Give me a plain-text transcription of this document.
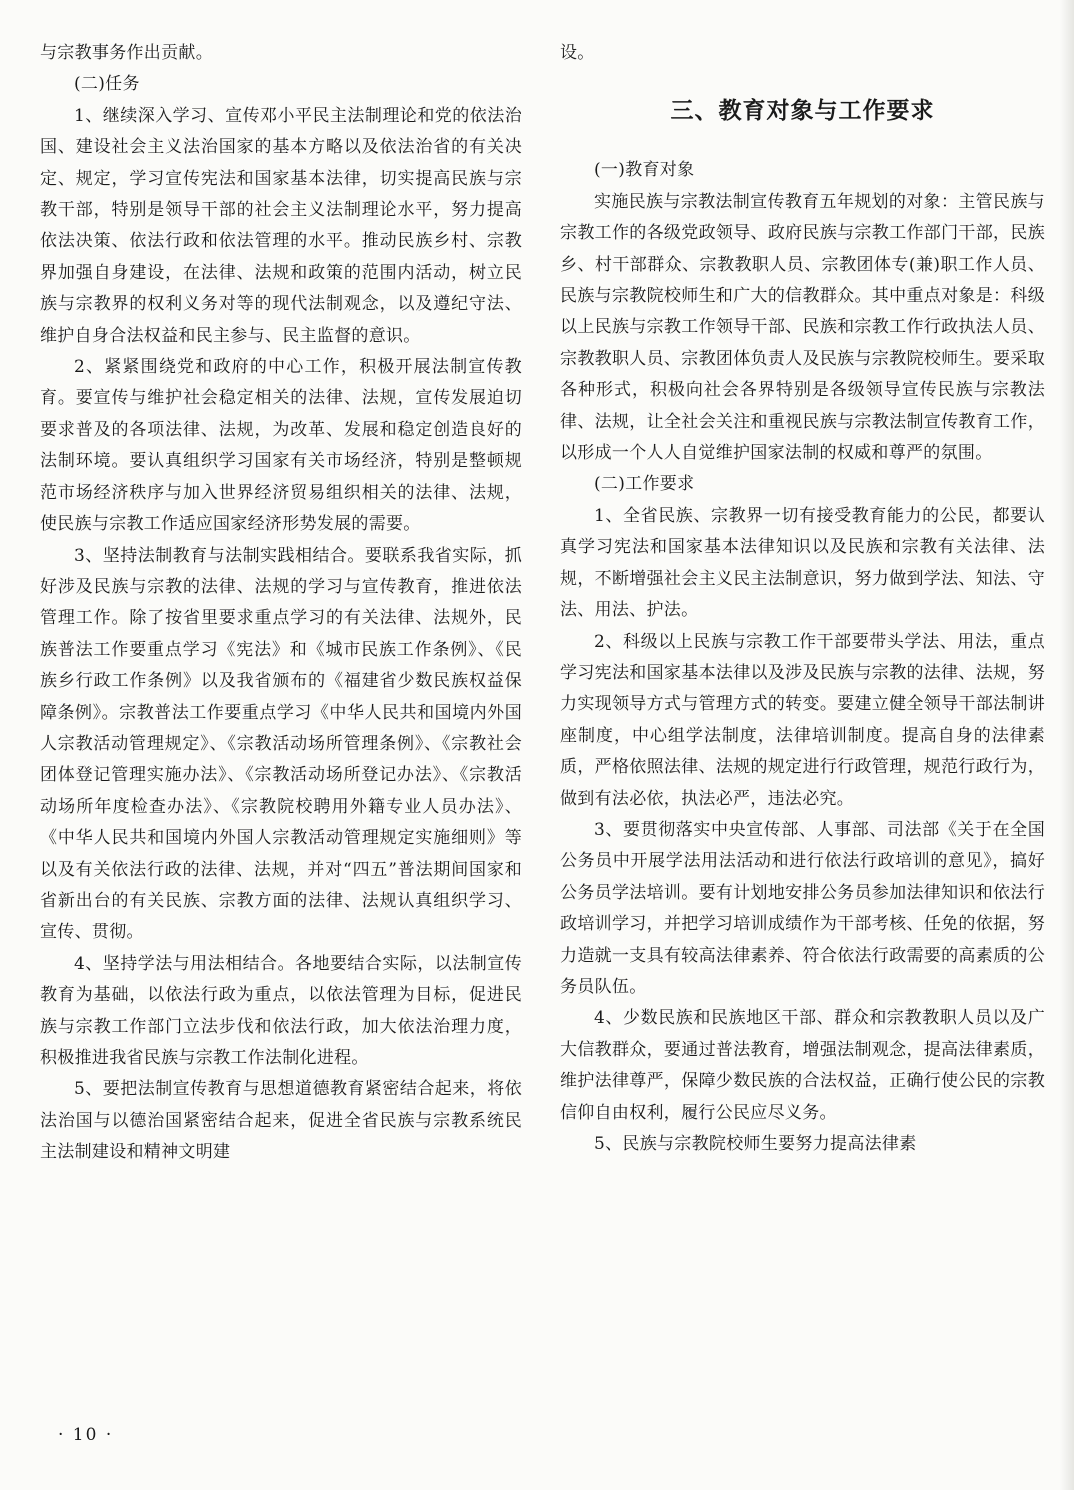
与宗教事务作出贡献。

(二)任务

1、继续深入学习、宣传邓小平民主法制理论和党的依法治国、建设社会主义法治国家的基本方略以及依法治省的有关决定、规定，学习宣传宪法和国家基本法律，切实提高民族与宗教干部，特别是领导干部的社会主义法制理论水平，努力提高依法决策、依法行政和依法管理的水平。推动民族乡村、宗教界加强自身建设，在法律、法规和政策的范围内活动，树立民族与宗教界的权利义务对等的现代法制观念，以及遵纪守法、维护自身合法权益和民主参与、民主监督的意识。

2、紧紧围绕党和政府的中心工作，积极开展法制宣传教育。要宣传与维护社会稳定相关的法律、法规，宣传发展迫切要求普及的各项法律、法规，为改革、发展和稳定创造良好的法制环境。要认真组织学习国家有关市场经济，特别是整顿规范市场经济秩序与加入世界经济贸易组织相关的法律、法规，使民族与宗教工作适应国家经济形势发展的需要。

3、坚持法制教育与法制实践相结合。要联系我省实际，抓好涉及民族与宗教的法律、法规的学习与宣传教育，推进依法管理工作。除了按省里要求重点学习的有关法律、法规外，民族普法工作要重点学习《宪法》和《城市民族工作条例》、《民族乡行政工作条例》以及我省颁布的《福建省少数民族权益保障条例》。宗教普法工作要重点学习《中华人民共和国境内外国人宗教活动管理规定》、《宗教活动场所管理条例》、《宗教社会团体登记管理实施办法》、《宗教活动场所登记办法》、《宗教活动场所年度检查办法》、《宗教院校聘用外籍专业人员办法》、《中华人民共和国境内外国人宗教活动管理规定实施细则》等以及有关依法行政的法律、法规，并对“四五”普法期间国家和省新出台的有关民族、宗教方面的法律、法规认真组织学习、宣传、贯彻。

4、坚持学法与用法相结合。各地要结合实际，以法制宣传教育为基础，以依法行政为重点，以依法管理为目标，促进民族与宗教工作部门立法步伐和依法行政，加大依法治理力度，积极推进我省民族与宗教工作法制化进程。

5、要把法制宣传教育与思想道德教育紧密结合起来，将依法治国与以德治国紧密结合起来，促进全省民族与宗教系统民主法制建设和精神文明建

设。

三、教育对象与工作要求

(一)教育对象

实施民族与宗教法制宣传教育五年规划的对象：主管民族与宗教工作的各级党政领导、政府民族与宗教工作部门干部，民族乡、村干部群众、宗教教职人员、宗教团体专(兼)职工作人员、民族与宗教院校师生和广大的信教群众。其中重点对象是：科级以上民族与宗教工作领导干部、民族和宗教工作行政执法人员、宗教教职人员、宗教团体负责人及民族与宗教院校师生。要采取各种形式，积极向社会各界特别是各级领导宣传民族与宗教法律、法规，让全社会关注和重视民族与宗教法制宣传教育工作，以形成一个人人自觉维护国家法制的权威和尊严的氛围。

(二)工作要求

1、全省民族、宗教界一切有接受教育能力的公民，都要认真学习宪法和国家基本法律知识以及民族和宗教有关法律、法规，不断增强社会主义民主法制意识，努力做到学法、知法、守法、用法、护法。

2、科级以上民族与宗教工作干部要带头学法、用法，重点学习宪法和国家基本法律以及涉及民族与宗教的法律、法规，努力实现领导方式与管理方式的转变。要建立健全领导干部法制讲座制度，中心组学法制度，法律培训制度。提高自身的法律素质，严格依照法律、法规的规定进行行政管理，规范行政行为，做到有法必依，执法必严，违法必究。

3、要贯彻落实中央宣传部、人事部、司法部《关于在全国公务员中开展学法用法活动和进行依法行政培训的意见》，搞好公务员学法培训。要有计划地安排公务员参加法律知识和依法行政培训学习，并把学习培训成绩作为干部考核、任免的依据，努力造就一支具有较高法律素养、符合依法行政需要的高素质的公务员队伍。

4、少数民族和民族地区干部、群众和宗教教职人员以及广大信教群众，要通过普法教育，增强法制观念，提高法律素质，维护法律尊严，保障少数民族的合法权益，正确行使公民的宗教信仰自由权利，履行公民应尽义务。

5、民族与宗教院校师生要努力提高法律素

· 10 ·
